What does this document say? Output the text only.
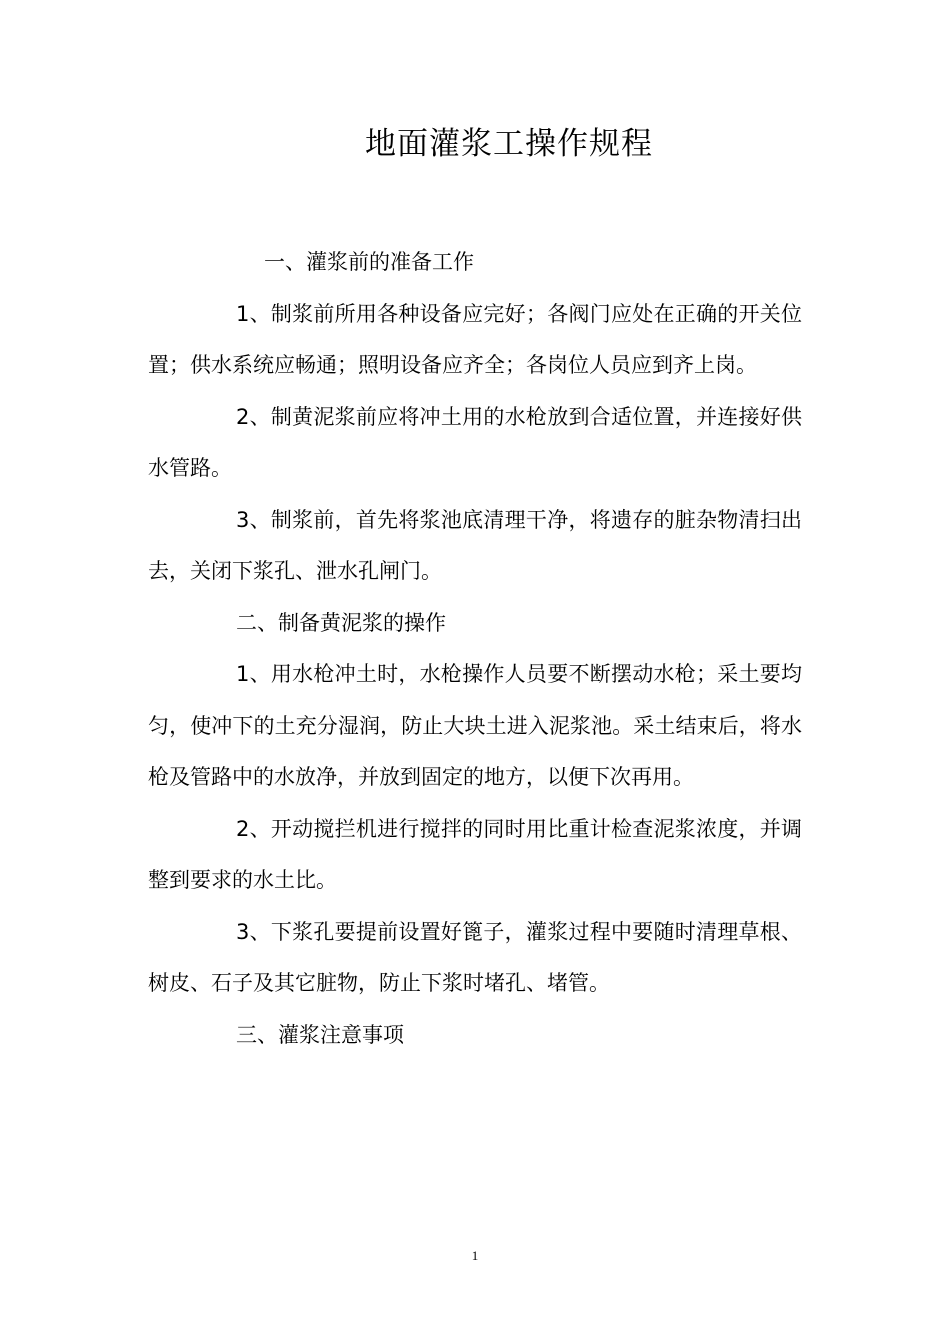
地面灌浆工操作规程

一、灌浆前的准备工作

1、制浆前所用各种设备应完好；各阀门应处在正确的开关位置；供水系统应畅通；照明设备应齐全；各岗位人员应到齐上岗。

2、制黄泥浆前应将冲土用的水枪放到合适位置，并连接好供水管路。

3、制浆前，首先将浆池底清理干净，将遗存的脏杂物清扫出去，关闭下浆孔、泄水孔闸门。

二、制备黄泥浆的操作

1、用水枪冲土时，水枪操作人员要不断摆动水枪；采土要均匀，使冲下的土充分湿润，防止大块土进入泥浆池。采土结束后，将水枪及管路中的水放净，并放到固定的地方，以便下次再用。

2、开动搅拦机进行搅拌的同时用比重计检查泥浆浓度，并调整到要求的水土比。

3、下浆孔要提前设置好篦子，灌浆过程中要随时清理草根、树皮、石子及其它脏物，防止下浆时堵孔、堵管。

三、灌浆注意事项

1
